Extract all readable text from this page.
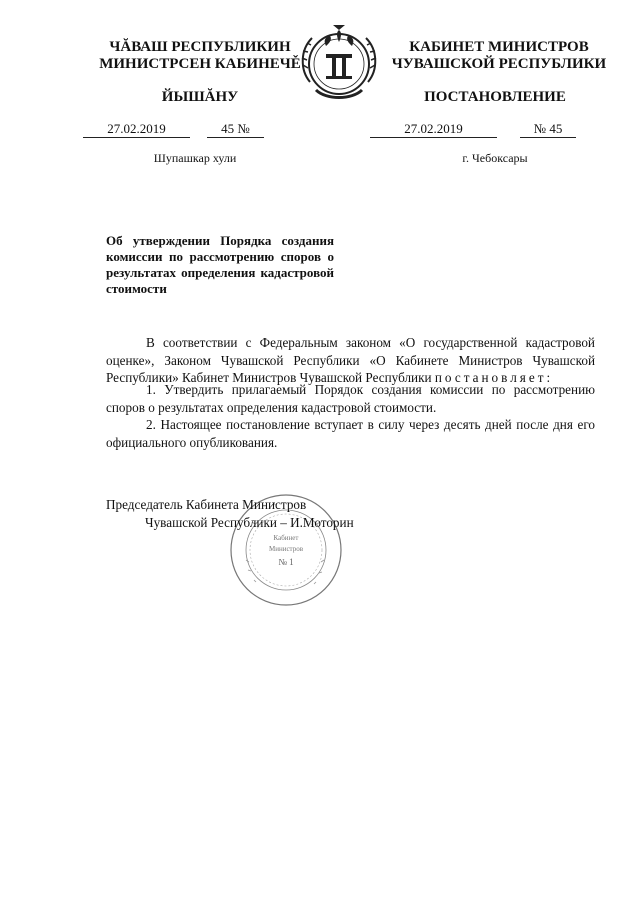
ЧĂВАШ РЕСПУБЛИКИН
МИНИСТРСЕН КАБИНЕЧĚ
ЙЫШĂНУ
КАБИНЕТ МИНИСТРОВ
ЧУВАШСКОЙ РЕСПУБЛИКИ
ПОСТАНОВЛЕНИЕ
27.02.2019	45 №	27.02.2019	№ 45
Шупашкар хули	г. Чебоксары
Об утверждении Порядка создания комиссии по рассмотрению споров о результатах определения кадастровой стоимости
В соответствии с Федеральным законом «О государственной кадастровой оценке», Законом Чувашской Республики «О Кабинете Министров Чувашской Республики» Кабинет Министров Чувашской Республики постановляет:
1. Утвердить прилагаемый Порядок создания комиссии по рассмотрению споров о результатах определения кадастровой стоимости.
2. Настоящее постановление вступает в силу через десять дней после дня его официального опубликования.
Кабинет
Министров
№ 1
Председатель Кабинета Министров
Чувашской Республики – И.Моторин
